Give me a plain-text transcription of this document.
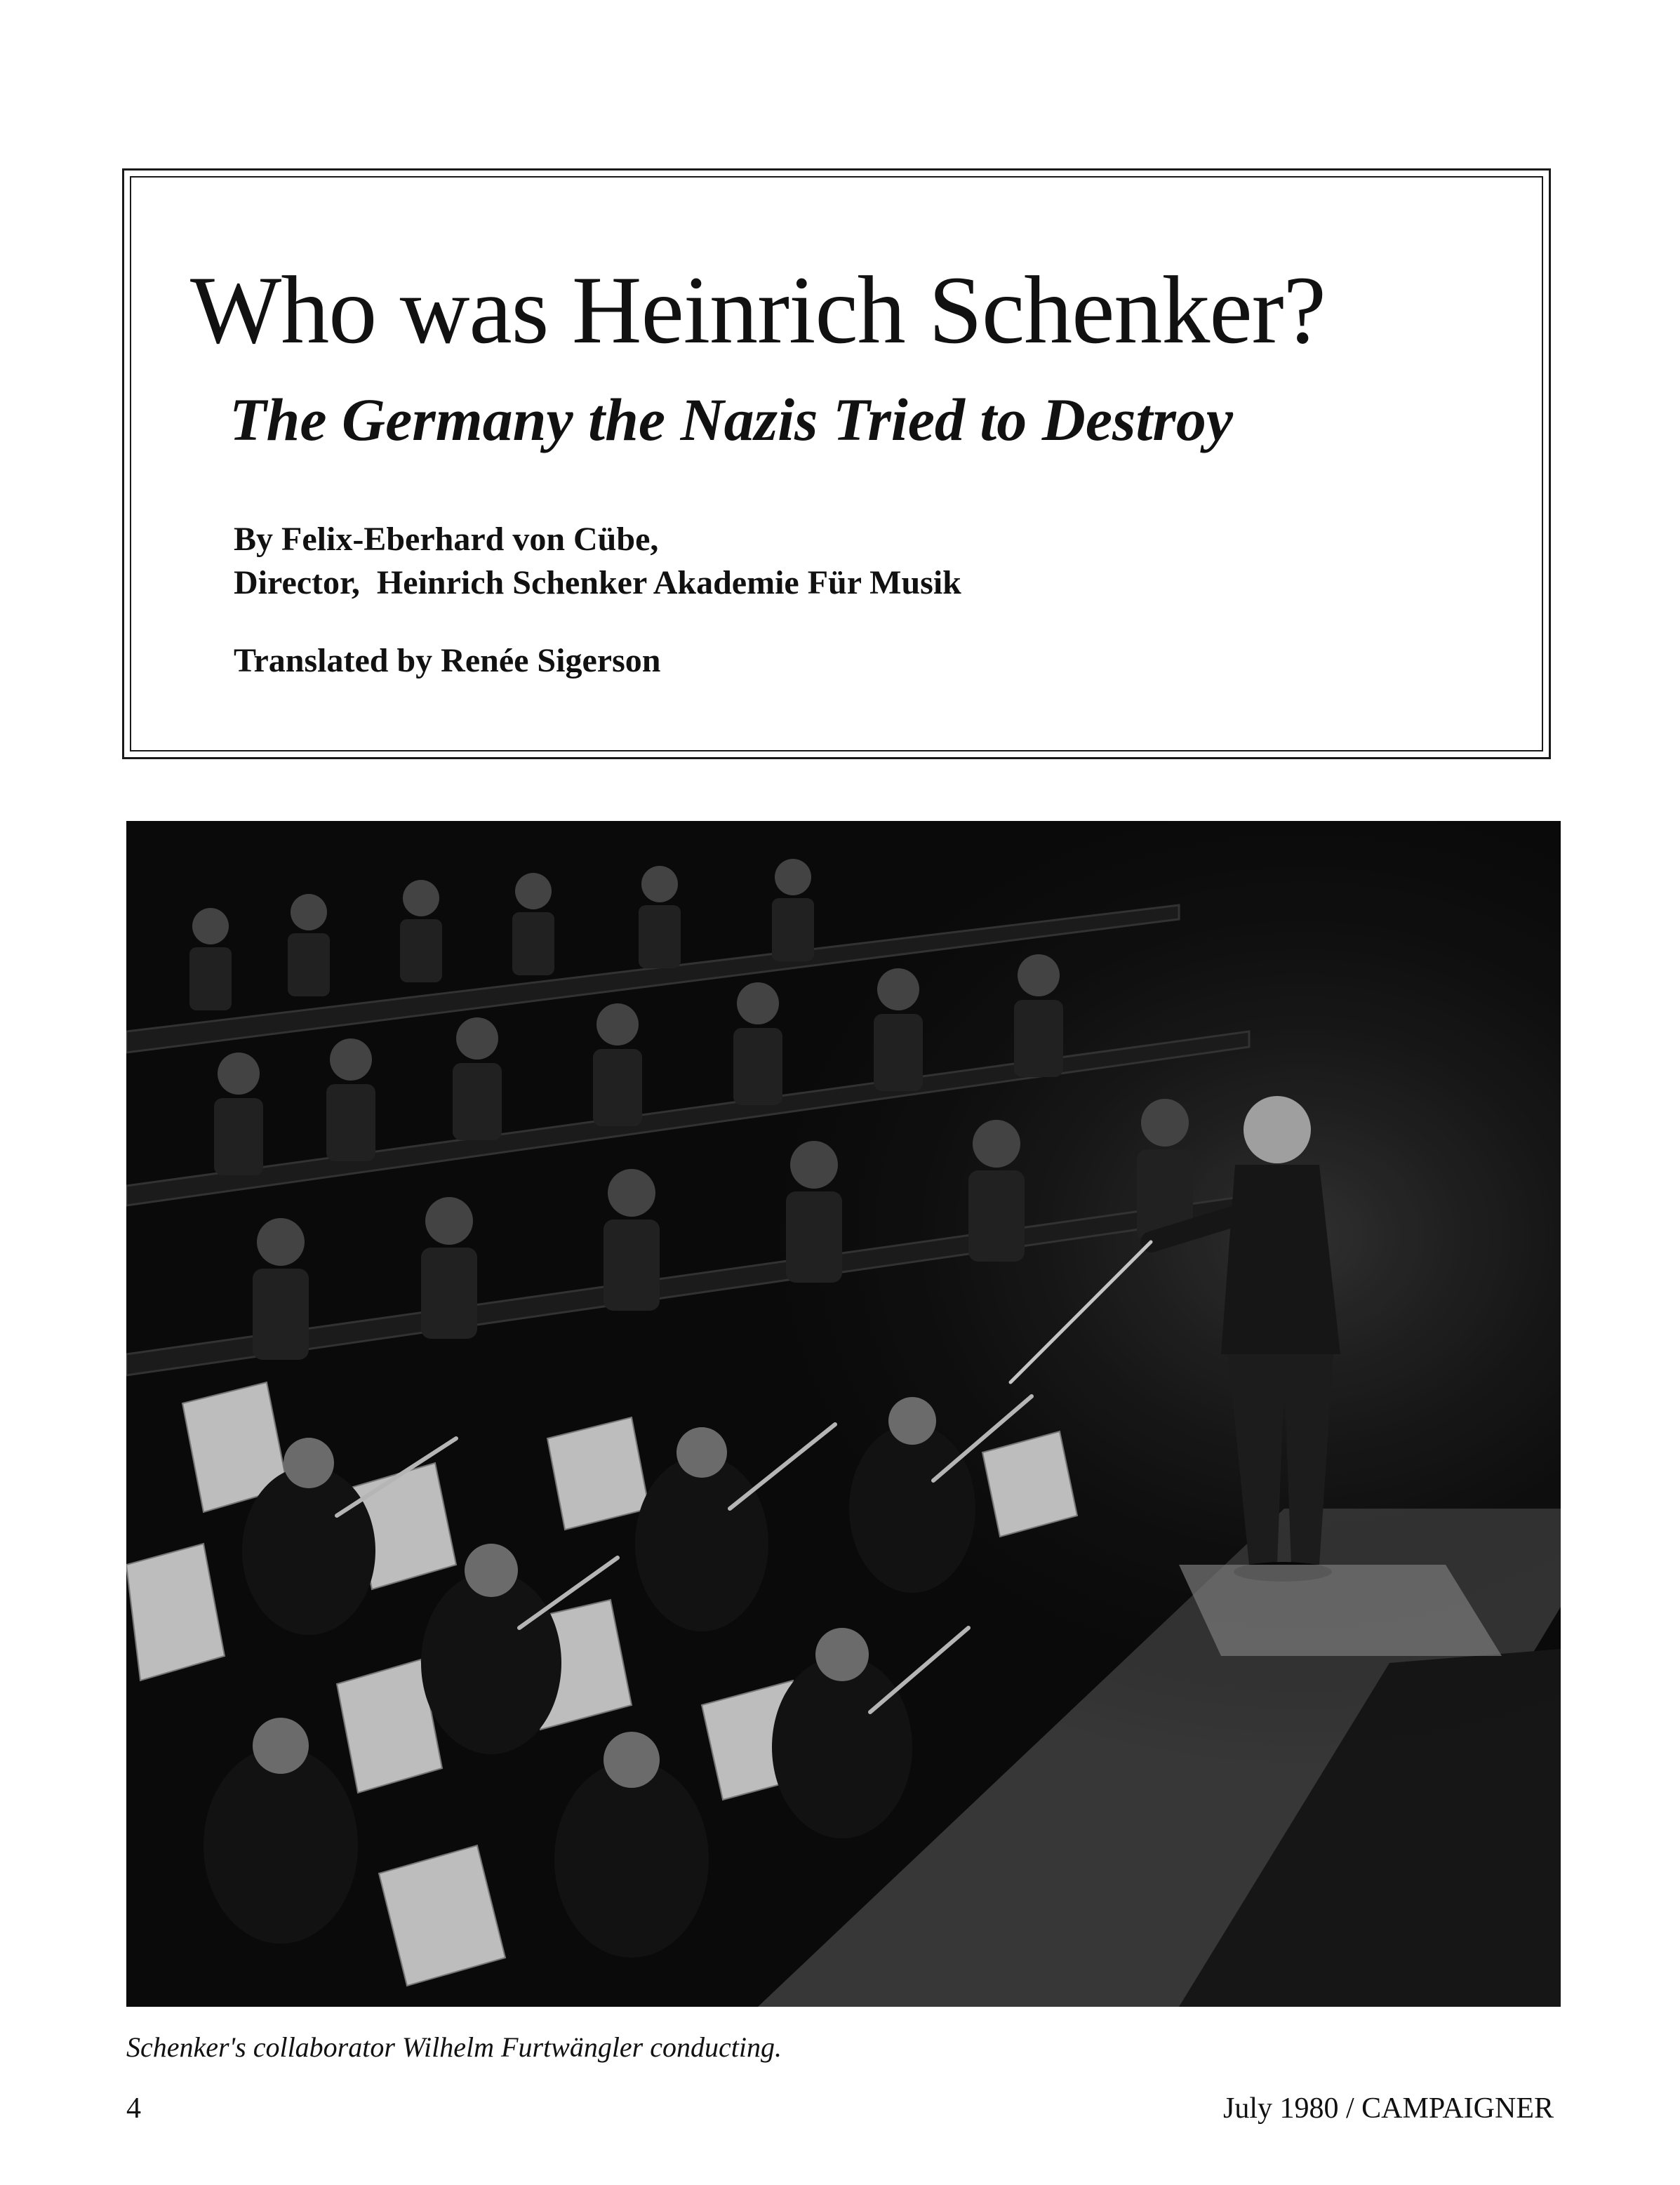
Who was Heinrich Schenker?
The Germany the Nazis Tried to Destroy
By Felix-Eberhard von Cübe,
Director,  Heinrich Schenker Akademie Für Musik
Translated by Renée Sigerson
Schenker's collaborator Wilhelm Furtwängler conducting.
4	July 1980 / CAMPAIGNER
